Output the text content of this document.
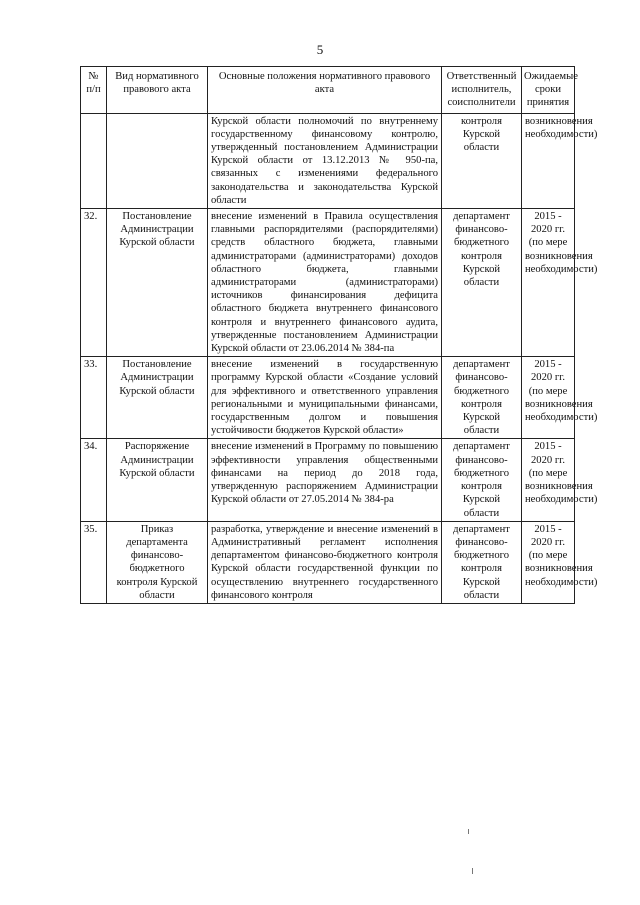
5
№ п/п	Вид нормативного правового акта	Основные положения нормативного правового акта	Ответственный исполнитель, соисполнители	Ожидаемые сроки принятия
		Курской области полномочий по внутреннему государственному финансовому контролю, утвержденный постановлением Администрации Курской области от 13.12.2013 № 950-па, связанных с изменениями федерального законодательства и законодательства Курской области	контроля Курской области	возникновения необходимости)
32.	Постановление Администрации Курской области	внесение изменений в Правила осуществления главными распорядителями (распорядителями) средств областного бюджета, главными администраторами (администраторами) доходов областного бюджета, главными администраторами (администраторами) источников финансирования дефицита областного бюджета внутреннего финансового контроля и внутреннего финансового аудита, утвержденные постановлением Администрации Курской области от 23.06.2014 № 384-па	департамент финансово-бюджетного контроля Курской области	2015 - 2020 гг. (по мере возникновения необходимости)
33.	Постановление Администрации Курской области	внесение изменений в государственную программу Курской области «Создание условий для эффективного и ответственного управления региональными и муниципальными финансами, государственным долгом и повышения устойчивости бюджетов Курской области»	департамент финансово-бюджетного контроля Курской области	2015 - 2020 гг. (по мере возникновения необходимости)
34.	Распоряжение Администрации Курской области	внесение изменений в Программу по повышению эффективности управления общественными финансами на период до 2018 года, утвержденную распоряжением Администрации Курской области от 27.05.2014 № 384-ра	департамент финансово-бюджетного контроля Курской области	2015 - 2020 гг. (по мере возникновения необходимости)
35.	Приказ департамента финансово-бюджетного контроля Курской области	разработка, утверждение и внесение изменений в Административный регламент исполнения департаментом финансово-бюджетного контроля Курской области государственной функции по осуществлению внутреннего государственного финансового контроля	департамент финансово-бюджетного контроля Курской области	2015 - 2020 гг. (по мере возникновения необходимости)
